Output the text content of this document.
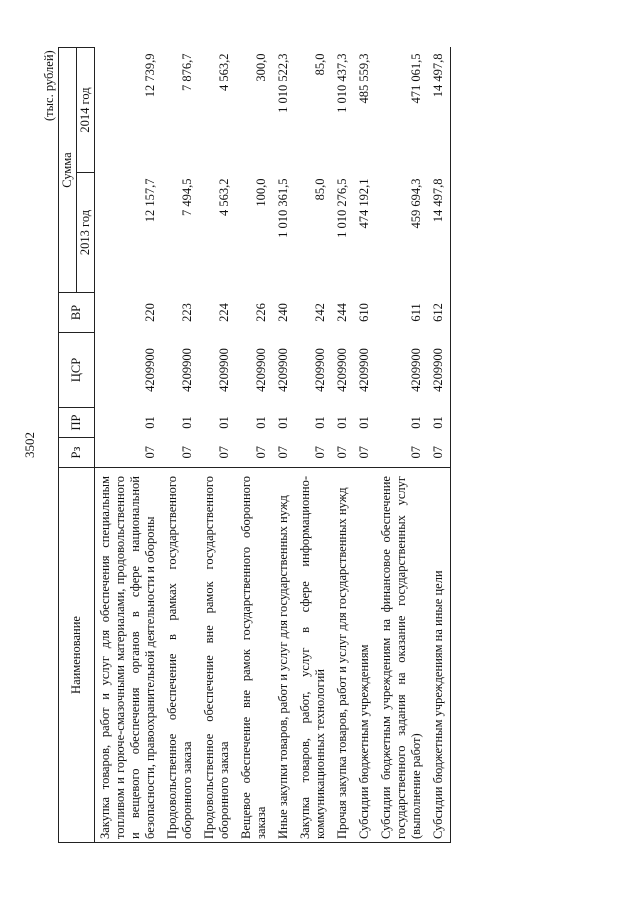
3502
(тыс. рублей)
Наименование	Рз	ПР	ЦСР	ВР	Сумма	
					2013 год	2014 год
Закупка товаров, работ и услуг для обеспечения специальным топливом и горюче-смазочными материалами, продовольственного и вещевого обеспечения органов в сфере национальной безопасности, правоохранительной деятельности и обороны	07	01	4209900	220	12 157,7	12 739,9
Продовольственное обеспечение в рамках государственного оборонного заказа	07	01	4209900	223	7 494,5	7 876,7
Продовольственное обеспечение вне рамок государственного оборонного заказа	07	01	4209900	224	4 563,2	4 563,2
Вещевое обеспечение вне рамок государственного оборонного заказа	07	01	4209900	226	100,0	300,0
Иные закупки товаров, работ и услуг для государственных нужд	07	01	4209900	240	1 010 361,5	1 010 522,3
Закупка товаров, работ, услуг в сфере информационно-коммуникационных технологий	07	01	4209900	242	85,0	85,0
Прочая закупка товаров, работ и услуг для государственных нужд	07	01	4209900	244	1 010 276,5	1 010 437,3
Субсидии бюджетным учреждениям	07	01	4209900	610	474 192,1	485 559,3
Субсидии бюджетным учреждениям на финансовое обеспечение государственного задания на оказание государственных услуг (выполнение работ)	07	01	4209900	611	459 694,3	471 061,5
Субсидии бюджетным учреждениям на иные цели	07	01	4209900	612	14 497,8	14 497,8
